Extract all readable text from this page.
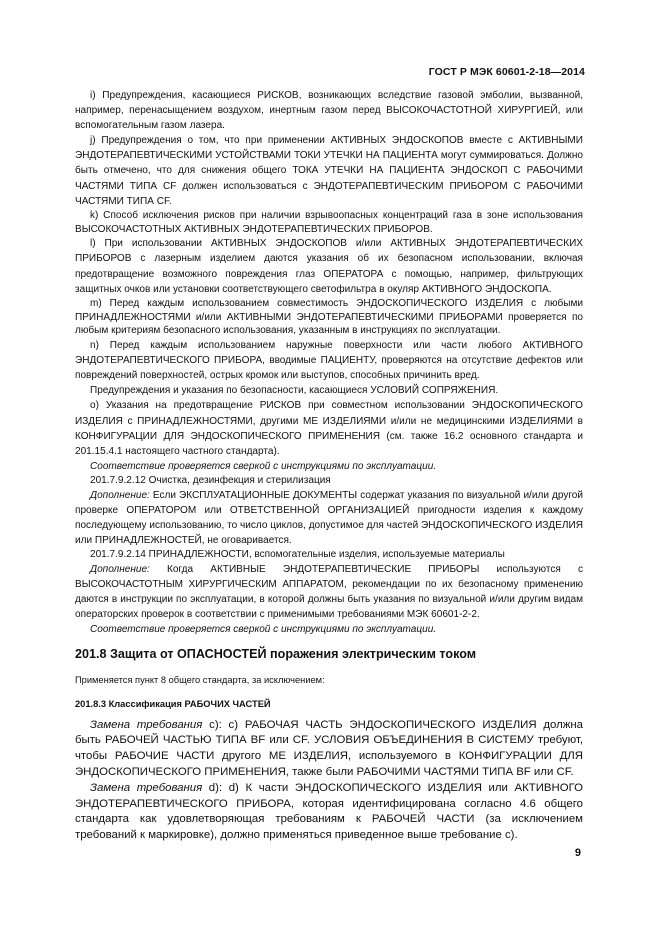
ГОСТ Р МЭК 60601-2-18—2014

i) Предупреждения, касающиеся РИСКОВ, возникающих вследствие газовой эмболии, вызванной, например, перенасыщением воздухом, инертным газом перед ВЫСОКОЧАСТОТНОЙ ХИРУРГИЕЙ, или вспомогательным газом лазера.

j) Предупреждения о том, что при применении АКТИВНЫХ ЭНДОСКОПОВ вместе с АКТИВНЫМИ ЭНДОТЕРАПЕВТИЧЕСКИМИ УСТОЙСТВАМИ ТОКИ УТЕЧКИ НА ПАЦИЕНТА могут суммироваться. Должно быть отмечено, что для снижения общего ТОКА УТЕЧКИ НА ПАЦИЕНТА ЭНДОСКОП С РАБОЧИМИ ЧАСТЯМИ ТИПА CF должен использоваться с ЭНДОТЕРАПЕВТИЧЕСКИМ ПРИБОРОМ С РАБОЧИМИ ЧАСТЯМИ ТИПА CF.

k) Способ исключения рисков при наличии взрывоопасных концентраций газа в зоне использования ВЫСОКОЧАСТОТНЫХ АКТИВНЫХ ЭНДОТЕРАПЕВТИЧЕСКИХ ПРИБОРОВ.

l) При использовании АКТИВНЫХ ЭНДОСКОПОВ и/или АКТИВНЫХ ЭНДОТЕРАПЕВТИЧЕСКИХ ПРИБОРОВ с лазерным изделием даются указания об их безопасном использовании, включая предотвращение возможного повреждения глаз ОПЕРАТОРА с помощью, например, фильтрующих защитных очков или установки соответствующего светофильтра в окуляр АКТИВНОГО ЭНДОСКОПА.

m) Перед каждым использованием совместимость ЭНДОСКОПИЧЕСКОГО ИЗДЕЛИЯ с любыми ПРИНАДЛЕЖНОСТЯМИ и/или АКТИВНЫМИ ЭНДОТЕРАПЕВТИЧЕСКИМИ ПРИБОРАМИ проверяется по любым критериям безопасного использования, указанным в инструкциях по эксплуатации.

n) Перед каждым использованием наружные поверхности или части любого АКТИВНОГО ЭНДОТЕРАПЕВТИЧЕСКОГО ПРИБОРА, вводимые ПАЦИЕНТУ, проверяются на отсутствие дефектов или повреждений поверхностей, острых кромок или выступов, способных причинить вред.

Предупреждения и указания по безопасности, касающиеся УСЛОВИЙ СОПРЯЖЕНИЯ.

o) Указания на предотвращение РИСКОВ при совместном использовании ЭНДОСКОПИЧЕСКОГО ИЗДЕЛИЯ с ПРИНАДЛЕЖНОСТЯМИ, другими МЕ ИЗДЕЛИЯМИ и/или не медицинскими ИЗДЕЛИЯМИ в КОНФИГУРАЦИИ ДЛЯ ЭНДОСКОПИЧЕСКОГО ПРИМЕНЕНИЯ (см. также 16.2 основного стандарта и 201.15.4.1 настоящего частного стандарта).

Соответствие проверяется сверкой с инструкциями по эксплуатации.

201.7.9.2.12 Очистка, дезинфекция и стерилизация

Дополнение: Если ЭКСПЛУАТАЦИОННЫЕ ДОКУМЕНТЫ содержат указания по визуальной и/или другой проверке ОПЕРАТОРОМ или ОТВЕТСТВЕННОЙ ОРГАНИЗАЦИЕЙ пригодности изделия к каждому последующему использованию, то число циклов, допустимое для частей ЭНДОСКОПИЧЕСКОГО ИЗДЕЛИЯ или ПРИНАДЛЕЖНОСТЕЙ, не оговаривается.

201.7.9.2.14 ПРИНАДЛЕЖНОСТИ, вспомогательные изделия, используемые материалы

Дополнение: Когда АКТИВНЫЕ ЭНДОТЕРАПЕВТИЧЕСКИЕ ПРИБОРЫ используются с ВЫСОКОЧАСТОТНЫМ ХИРУРГИЧЕСКИМ АППАРАТОМ, рекомендации по их безопасному применению даются в инструкции по эксплуатации, в которой должны быть указания по визуальной и/или другим видам операторских проверок в соответствии с применимыми требованиями МЭК 60601-2-2.

Соответствие проверяется сверкой с инструкциями по эксплуатации.

201.8 Защита от ОПАСНОСТЕЙ поражения электрическим током

Применяется пункт 8 общего стандарта, за исключением:

201.8.3 Классификация РАБОЧИХ ЧАСТЕЙ

Замена требования с): с) РАБОЧАЯ ЧАСТЬ ЭНДОСКОПИЧЕСКОГО ИЗДЕЛИЯ должна быть РАБОЧЕЙ ЧАСТЬЮ ТИПА BF или CF. УСЛОВИЯ ОБЪЕДИНЕНИЯ В СИСТЕМУ требуют, чтобы РАБОЧИЕ ЧАСТИ другого МЕ ИЗДЕЛИЯ, используемого в КОНФИГУРАЦИИ ДЛЯ ЭНДОСКОПИЧЕСКОГО ПРИМЕНЕНИЯ, также были РАБОЧИМИ ЧАСТЯМИ ТИПА BF или CF.

Замена требования d): d) К части ЭНДОСКОПИЧЕСКОГО ИЗДЕЛИЯ или АКТИВНОГО ЭНДОТЕРАПЕВТИЧЕСКОГО ПРИБОРА, которая идентифицирована согласно 4.6 общего стандарта как удовлетворяющая требованиям к РАБОЧЕЙ ЧАСТИ (за исключением требований к маркировке), должно применяться приведенное выше требование с).

9
